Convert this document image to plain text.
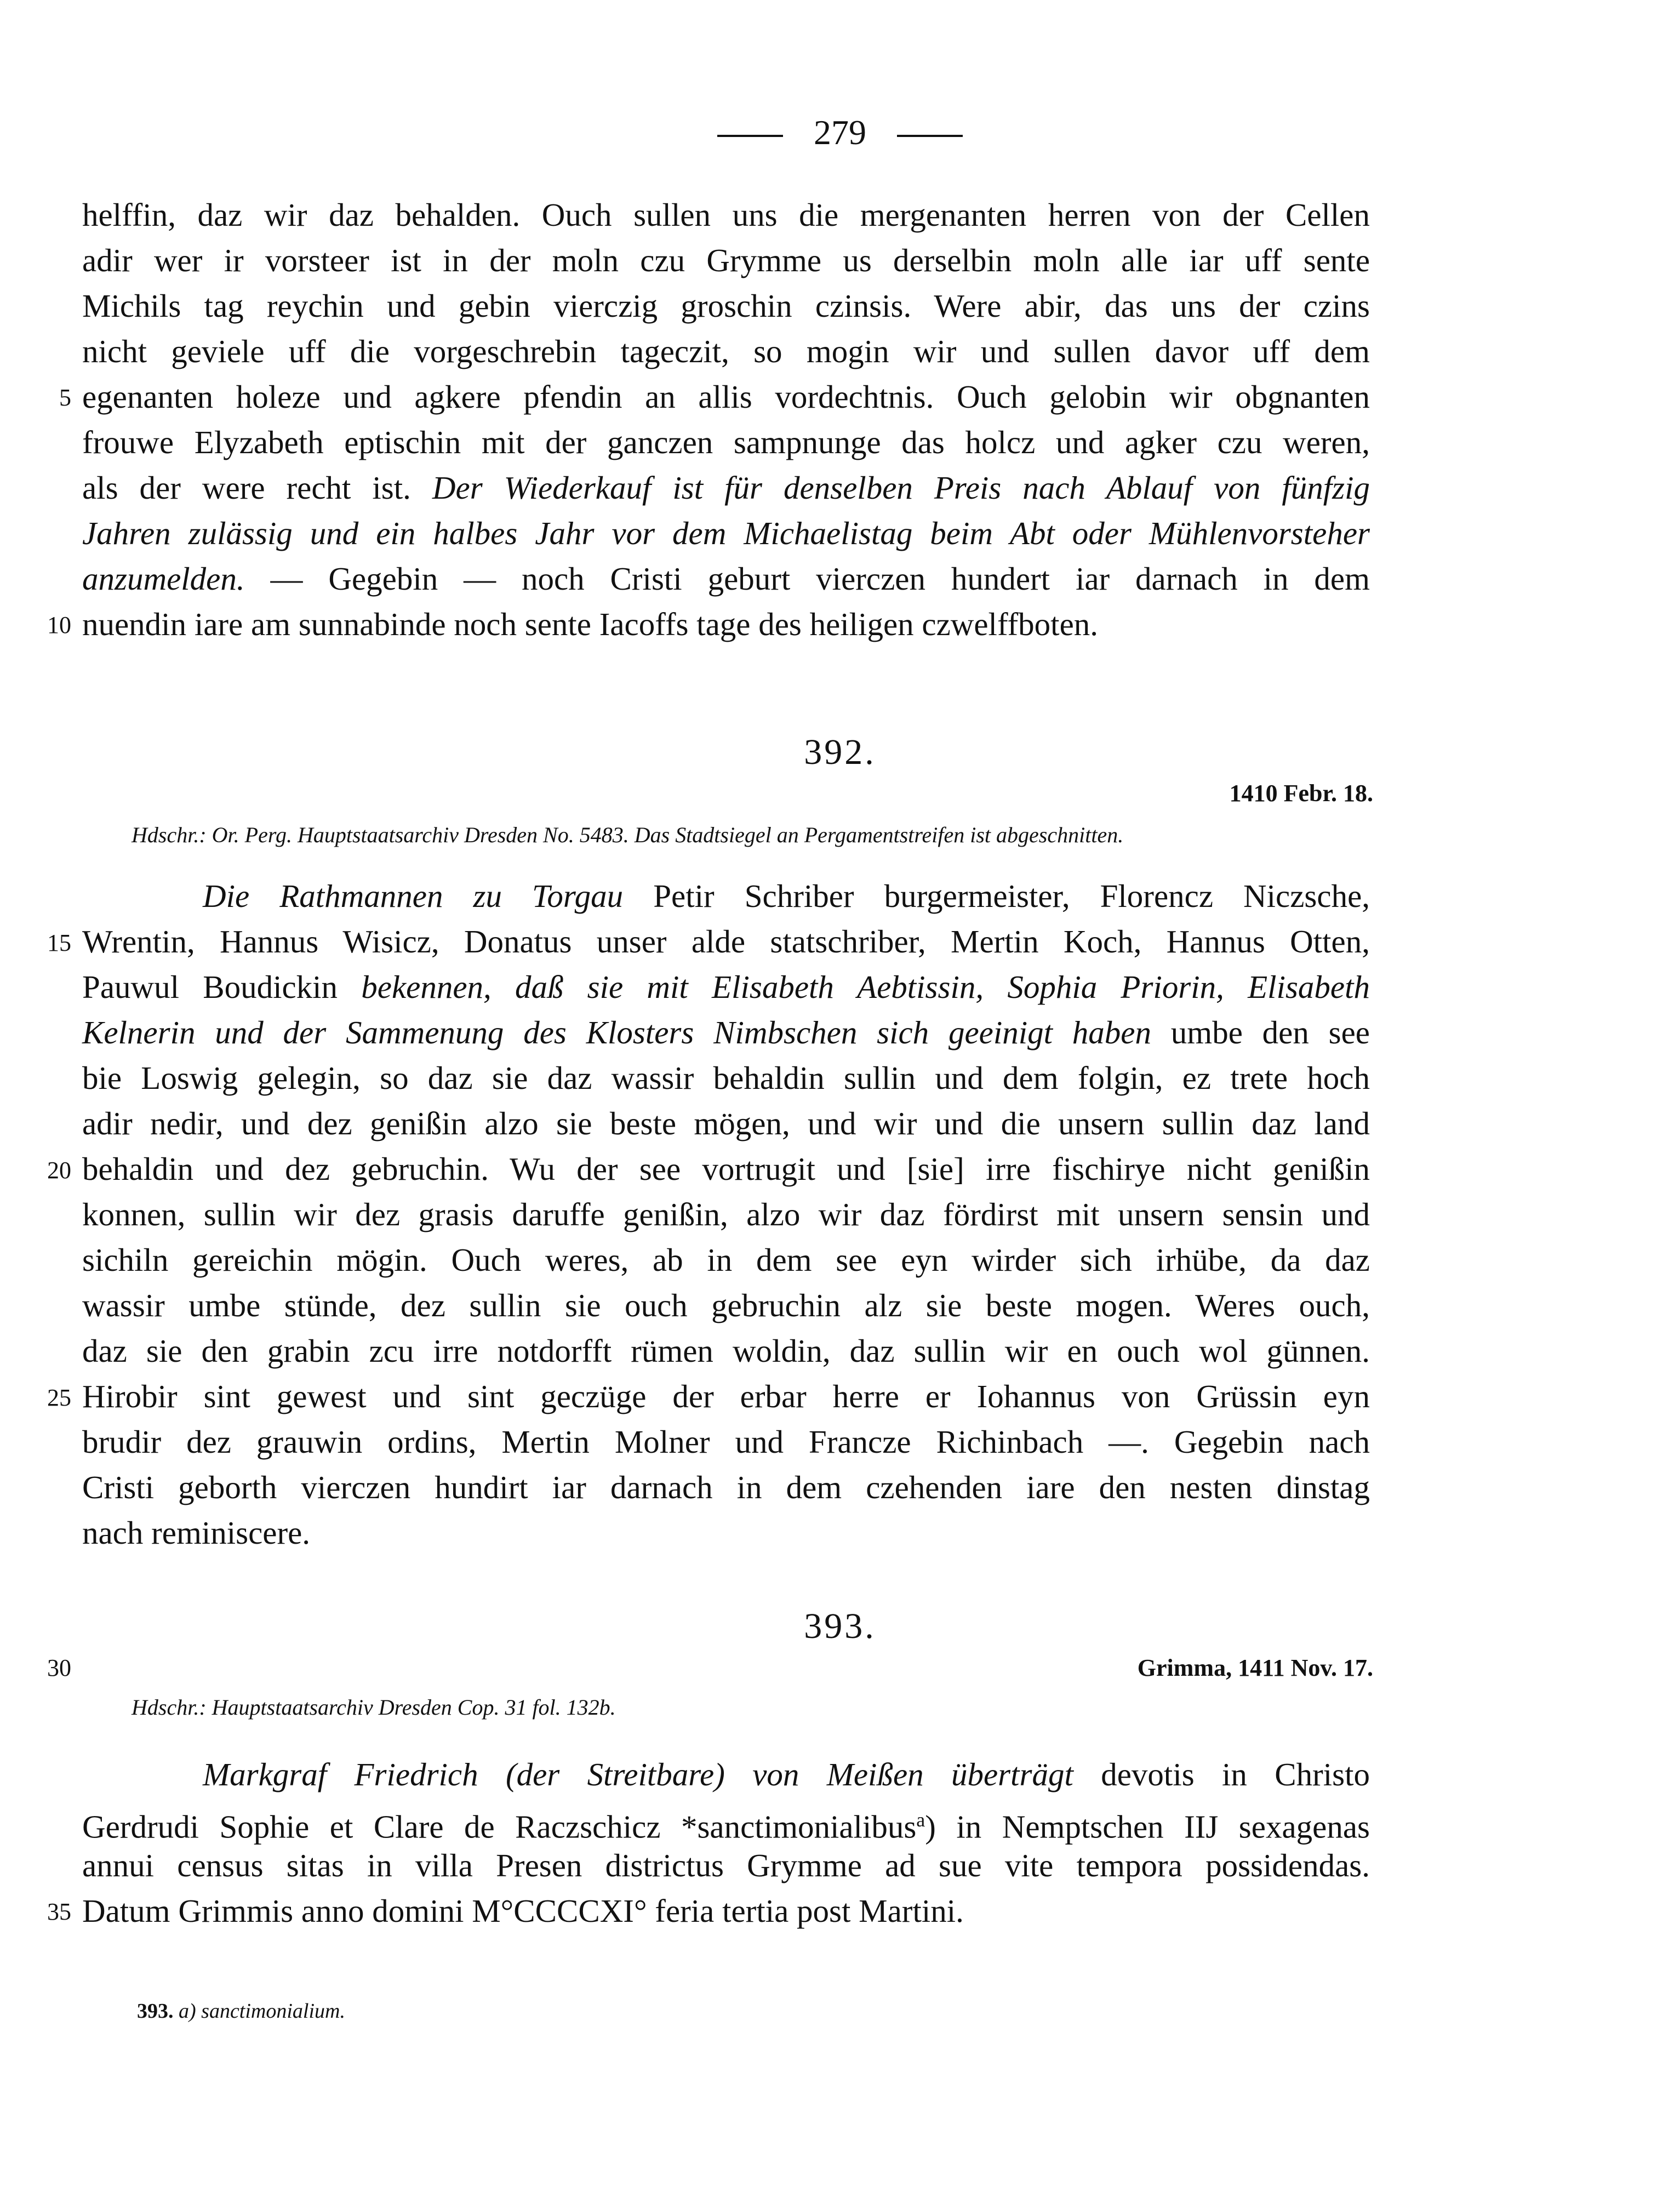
279
helffin, daz wir daz behalden. Ouch sullen uns die mergenanten herren von der Cellen
adir wer ir vorsteer ist in der moln czu Grymme us derselbin moln alle iar uff sente
Michils tag reychin und gebin vierczig groschin czinsis. Were abir, das uns der czins
nicht geviele uff die vorgeschrebin tageczit, so mogin wir und sullen davor uff dem
5 egenanten holeze und agkere pfendin an allis vordechtnis. Ouch gelobin wir obgnanten
frouwe Elyzabeth eptischin mit der ganczen sampnunge das holcz und agker czu weren,
als der were recht ist. Der Wiederkauf ist für denselben Preis nach Ablauf von fünfzig
Jahren zulässig und ein halbes Jahr vor dem Michaelistag beim Abt oder Mühlenvorsteher
anzumelden. — Gegebin — noch Cristi geburt vierczen hundert iar darnach in dem
10 nuendin iare am sunnabinde noch sente Iacoffs tage des heiligen czwelffboten.
392.
1410 Febr. 18.
Hdschr.: Or. Perg. Hauptstaatsarchiv Dresden No. 5483. Das Stadtsiegel an Pergamentstreifen ist abgeschnitten.
Die Rathmannen zu Torgau Petir Schriber burgermeister, Florencz Niczsche,
15 Wrentin, Hannus Wisicz, Donatus unser alde statschriber, Mertin Koch, Hannus Otten,
Pauwul Boudickin bekennen, daß sie mit Elisabeth Aebtissin, Sophia Priorin, Elisabeth
Kelnerin und der Sammenung des Klosters Nimbschen sich geeinigt haben umbe den see
bie Loswig gelegin, so daz sie daz wassir behaldin sullin und dem folgin, ez trete hoch
adir nedir, und dez genißin alzo sie beste mögen, und wir und die unsern sullin daz land
20 behaldin und dez gebruchin. Wu der see vortrugit und [sie] irre fischirye nicht genißin
konnen, sullin wir dez grasis daruffe genißin, alzo wir daz fördirst mit unsern sensin und
sichiln gereichin mögin. Ouch weres, ab in dem see eyn wirder sich irhübe, da daz
wassir umbe stünde, dez sullin sie ouch gebruchin alz sie beste mogen. Weres ouch,
daz sie den grabin zcu irre notdorfft rümen woldin, daz sullin wir en ouch wol günnen.
25 Hirobir sint gewest und sint geczüge der erbar herre er Iohannus von Grüssin eyn
brudir dez grauwin ordins, Mertin Molner und Francze Richinbach —. Gegebin nach
Cristi geborth vierczen hundirt iar darnach in dem czehenden iare den nesten dinstag
nach reminiscere.
393.
30	Grimma, 1411 Nov. 17.
Hdschr.: Hauptstaatsarchiv Dresden Cop. 31 fol. 132b.
Markgraf Friedrich (der Streitbare) von Meißen überträgt devotis in Christo
Gerdrudi Sophie et Clare de Raczschicz *sanctimonialibus$^a$) in Nemptschen IIJ sexagenas
annui census sitas in villa Presen districtus Grymme ad sue vite tempora possidendas.
35 Datum Grimmis anno domini M°CCCCXI° feria tertia post Martini.
393. a) sanctimonialium.
